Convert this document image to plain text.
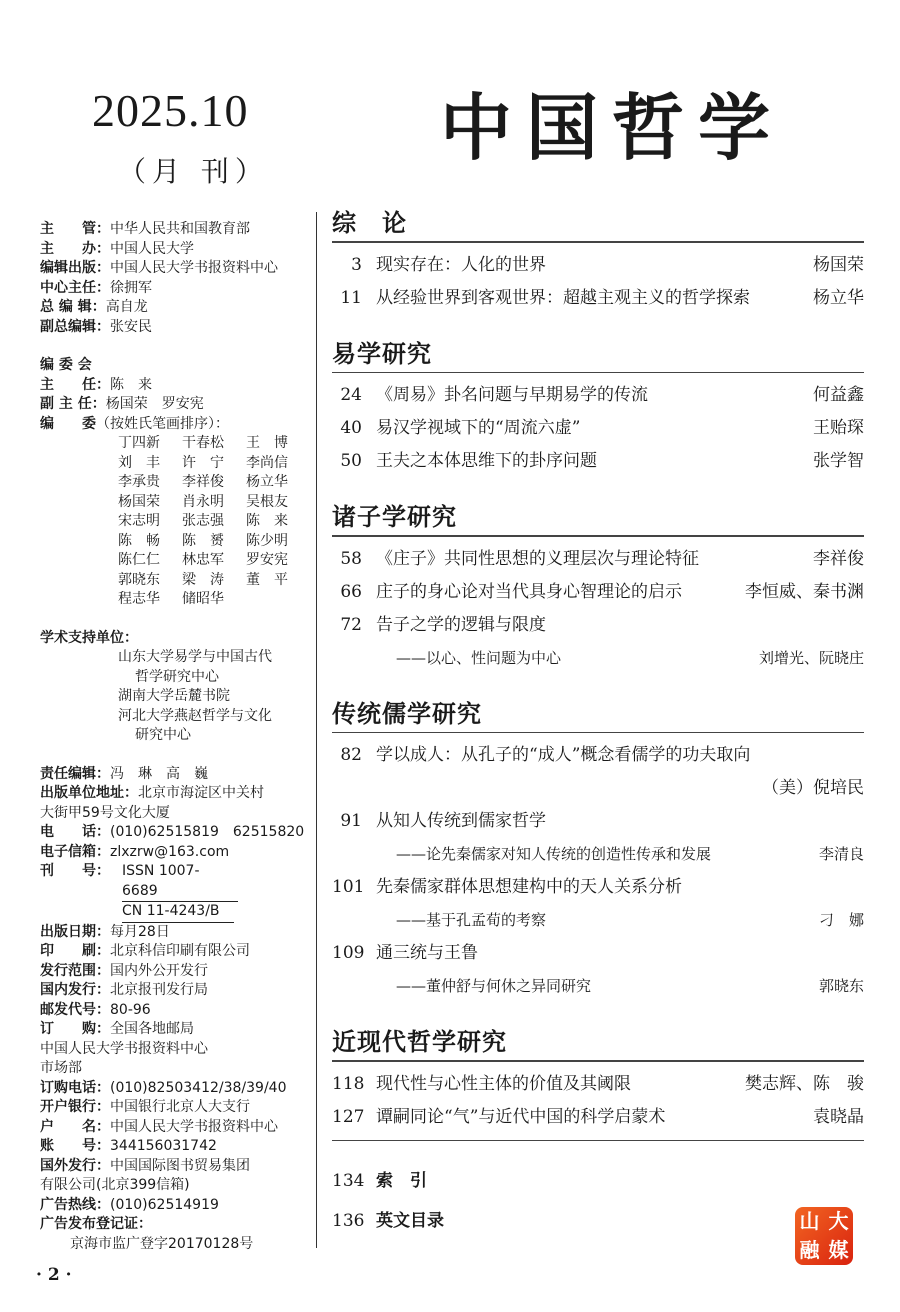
2025.10
（月 刊）
中国哲学
主　　管： 中华人民共和国教育部
主　　办： 中国人民大学
编辑出版： 中国人民大学书报资料中心
中心主任： 徐拥军
总 编 辑： 高自龙
副总编辑： 张安民
编 委 会
主　　任： 陈　来
副 主 任： 杨国荣　罗安宪
编　　委 （按姓氏笔画排序）：
丁四新	干春松	王　博
刘　丰	许　宁	李尚信
李承贵	李祥俊	杨立华
杨国荣	肖永明	吴根友
宋志明	张志强	陈　来
陈　畅	陈　赟	陈少明
陈仁仁	林忠军	罗安宪
郭晓东	梁　涛	董　平
程志华	储昭华
学术支持单位：
山东大学易学与中国古代
哲学研究中心
湖南大学岳麓书院
河北大学燕赵哲学与文化
研究中心
责任编辑： 冯　琳　高　巍
出版单位地址： 北京市海淀区中关村
大街甲59号文化大厦
电　　话： (010)62515819　62515820
电子信箱： zlxzrw@163.com
刊　　号： ISSN 1007-6689
CN 11-4243/B
出版日期： 每月28日
印　　刷： 北京科信印刷有限公司
发行范围： 国内外公开发行
国内发行： 北京报刊发行局
邮发代号： 80-96
订　　购： 全国各地邮局
中国人民大学书报资料中心
市场部
订购电话： (010)82503412/38/39/40
开户银行： 中国银行北京人大支行
户　　名： 中国人民大学书报资料中心
账　　号： 344156031742
国外发行： 中国国际图书贸易集团
有限公司(北京399信箱)
广告热线： (010)62514919
广告发布登记证：
京海市监广登字20170128号
· 2 ·
综　论
3 现实存在：人化的世界	杨国荣
11 从经验世界到客观世界：超越主观主义的哲学探索	杨立华
易学研究
24 《周易》卦名问题与早期易学的传流	何益鑫
40 易汉学视域下的“周流六虚”	王贻琛
50 王夫之本体思维下的卦序问题	张学智
诸子学研究
58 《庄子》共同性思想的义理层次与理论特征	李祥俊
66 庄子的身心论对当代具身心智理论的启示	李恒威、秦书渊
72 告子之学的逻辑与限度
——以心、性问题为中心	刘增光、阮晓庄
传统儒学研究
82 学以成人：从孔子的“成人”概念看儒学的功夫取向
（美）倪培民
91 从知人传统到儒家哲学
——论先秦儒家对知人传统的创造性传承和发展	李清良
101 先秦儒家群体思想建构中的天人关系分析
——基于孔孟荀的考察	刁　娜
109 通三统与王鲁
——董仲舒与何休之异同研究	郭晓东
近现代哲学研究
118 现代性与心性主体的价值及其阈限	樊志辉、陈　骏
127 谭嗣同论“气”与近代中国的科学启蒙术	袁晓晶
134 索　引
136 英文目录	山 大
融 媒
